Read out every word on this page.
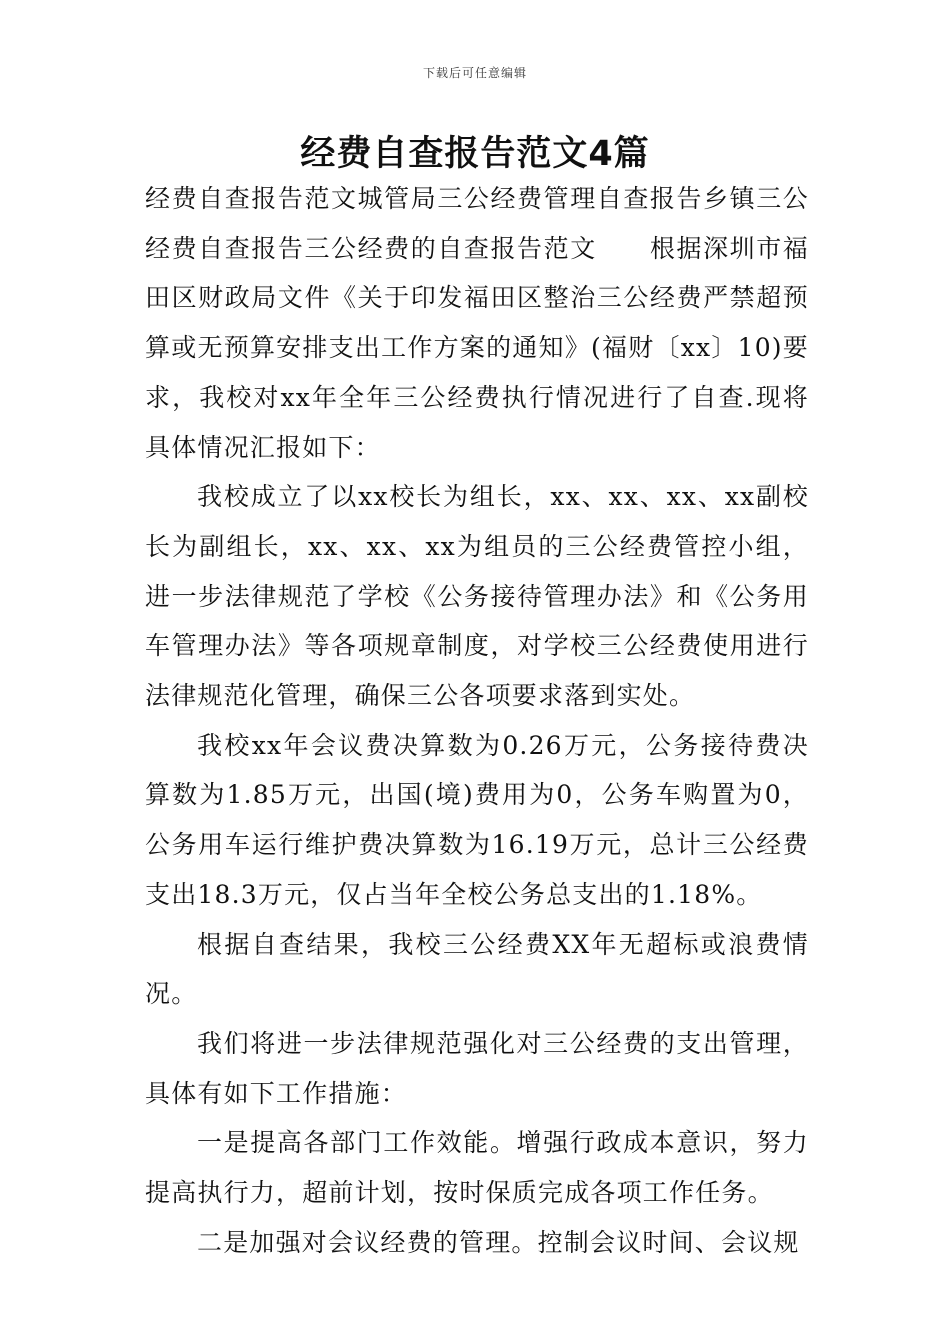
下载后可任意编辑
经费自查报告范文4篇

经费自查报告范文城管局三公经费管理自查报告乡镇三公经费自查报告三公经费的自查报告范文　　根据深圳市福田区财政局文件《关于印发福田区整治三公经费严禁超预算或无预算安排支出工作方案的通知》(福财〔xx〕10)要求，我校对xx年全年三公经费执行情况进行了自查.现将具体情况汇报如下：

我校成立了以xx校长为组长，xx、xx、xx、xx副校长为副组长，xx、xx、xx为组员的三公经费管控小组，进一步法律规范了学校《公务接待管理办法》和《公务用车管理办法》等各项规章制度，对学校三公经费使用进行法律规范化管理，确保三公各项要求落到实处。

我校xx年会议费决算数为0.26万元，公务接待费决算数为1.85万元，出国(境)费用为0，公务车购置为0，公务用车运行维护费决算数为16.19万元，总计三公经费支出18.3万元，仅占当年全校公务总支出的1.18%。

根据自查结果，我校三公经费XX年无超标或浪费情况。

我们将进一步法律规范强化对三公经费的支出管理，具体有如下工作措施：

一是提高各部门工作效能。增强行政成本意识，努力提高执行力，超前计划，按时保质完成各项工作任务。

二是加强对会议经费的管理。控制会议时间、会议规
